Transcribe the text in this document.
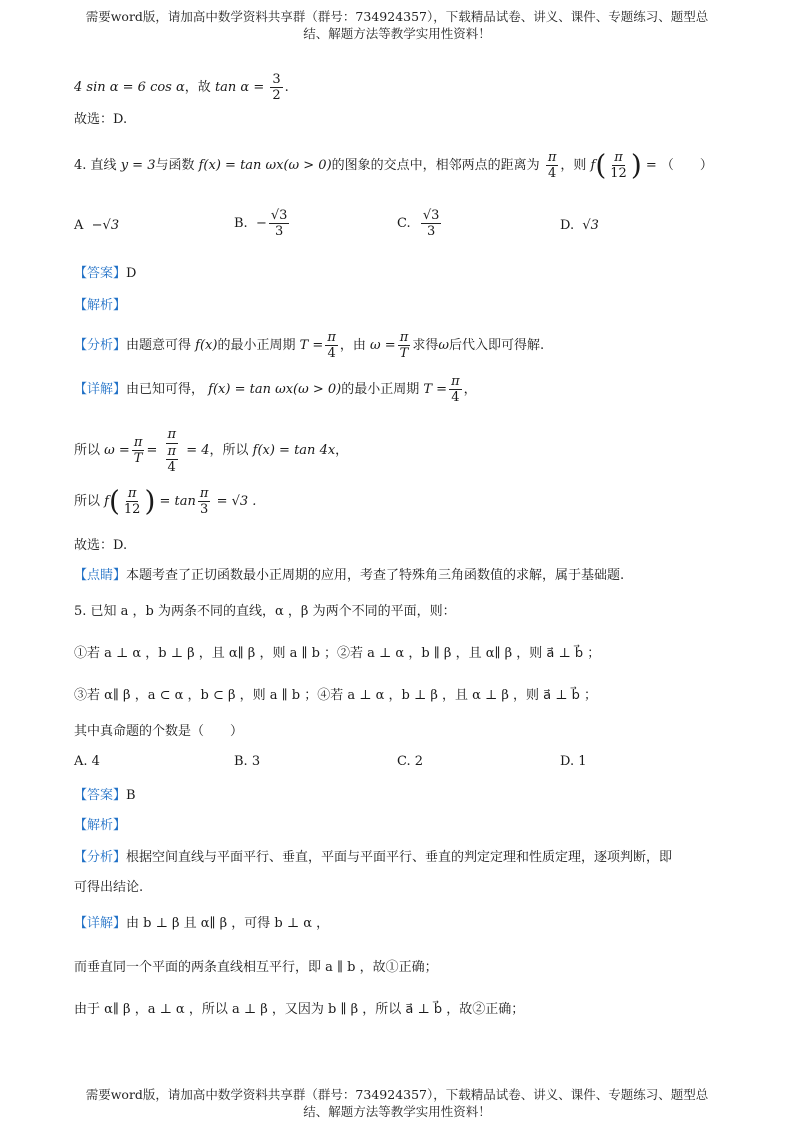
需要word版，请加高中数学资料共享群（群号：734924357），下载精品试卷、讲义、课件、专题练习、题型总
结、解题方法等教学实用性资料！
4 sin α = 6 cos α，故 $\tan \alpha = \frac{3}{2}$ .
故选：D.
4. 直线 y = 3与函数 f(x) = tan ωx(ω > 0)的图象的交点中，相邻两点的距离为 $\frac{\pi}{4}$ ，则 $f( \frac{\pi}{12}$ ) = （　　）
A −√3	B. − $\frac{√3}{3}$	C. $\frac{√3}{3}$	D. √3
【答案】D
【解析】
【分析】由题意可得 f(x)的最小正周期 $T = \frac{\pi}{4}$ ，由 $\omega = \frac{\pi}{T}$ 求得ω后代入即可得解.
【详解】由已知可得， f(x) = tan ωx(ω > 0)的最小正周期 $T = \frac{\pi}{4}$ ，
所以 $\omega = \frac{\pi}{T} = \frac{\pi}{\frac{\pi}{4}} = 4$，所以 f(x) = tan 4x，
所以 $f( \frac{\pi}{12}$ ) = $\tan \frac{\pi}{3} = √3$ .
故选：D.
【点睛】本题考查了正切函数最小正周期的应用，考查了特殊角三角函数值的求解，属于基础题.
5. 已知 a ，b 为两条不同的直线，α ，β 为两个不同的平面，则：
①若 a ⊥ α ，b ⊥ β ，且 α∥ β ，则 a ∥ b ；②若 a ⊥ α ，b ∥ β ，且 α∥ β ，则 a⃗ ⊥ b⃗ ；
③若 α∥ β ，a ⊂ α ，b ⊂ β ，则 a ∥ b ；④若 a ⊥ α ，b ⊥ β ，且 α ⊥ β ，则 a⃗ ⊥ b⃗ ；
其中真命题的个数是（　　）
A. 4	B. 3	C. 2	D. 1
【答案】B
【解析】
【分析】根据空间直线与平面平行、垂直，平面与平面平行、垂直的判定定理和性质定理，逐项判断，即
可得出结论.
【详解】由 b ⊥ β 且 α∥ β ，可得 b ⊥ α ，
而垂直同一个平面的两条直线相互平行，即 a ∥ b ，故①正确；
由于 α∥ β ，a ⊥ α ，所以 a ⊥ β ，又因为 b ∥ β ，所以 a⃗ ⊥ b⃗ ，故②正确；
需要word版，请加高中数学资料共享群（群号：734924357），下载精品试卷、讲义、课件、专题练习、题型总
结、解题方法等教学实用性资料！
